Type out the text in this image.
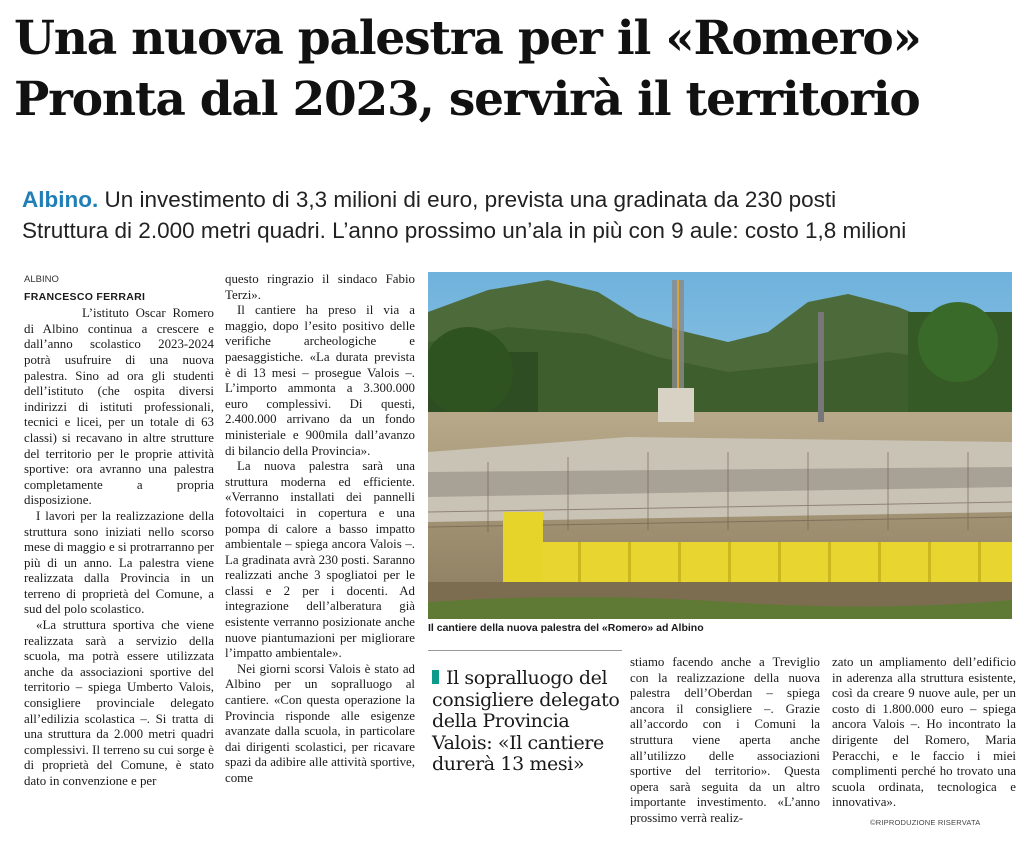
Una nuova palestra per il «Romero»
Pronta dal 2023, servirà il territorio
Albino. Un investimento di 3,3 milioni di euro, prevista una gradinata da 230 posti
Struttura di 2.000 metri quadri. L’anno prossimo un’ala in più con 9 aule: costo 1,8 milioni
ALBINO
FRANCESCO FERRARI

L’istituto Oscar Romero di Albino continua a crescere e dall’anno scolastico 2023-2024 potrà usufruire di una nuova palestra. Sino ad ora gli studenti dell’istituto (che ospita diversi indirizzi di istituti professionali, tecnici e licei, per un totale di 63 classi) si recavano in altre strutture del territorio per le proprie attività sportive: ora avranno una palestra completamente a propria disposizione.

I lavori per la realizzazione della struttura sono iniziati nello scorso mese di maggio e si protrarranno per più di un anno. La palestra viene realizzata dalla Provincia in un terreno di proprietà del Comune, a sud del polo scolastico.

«La struttura sportiva che viene realizzata sarà a servizio della scuola, ma potrà essere utilizzata anche da associazioni sportive del territorio – spiega Umberto Valois, consigliere provinciale delegato all’edilizia scolastica –. Si tratta di una struttura da 2.000 metri quadri complessivi. Il terreno su cui sorge è di proprietà del Comune, è stato dato in convenzione e per

questo ringrazio il sindaco Fabio Terzi».

Il cantiere ha preso il via a maggio, dopo l’esito positivo delle verifiche archeologiche e paesaggistiche. «La durata prevista è di 13 mesi – prosegue Valois –. L’importo ammonta a 3.300.000 euro complessivi. Di questi, 2.400.000 arrivano da un fondo ministeriale e 900mila dall’avanzo di bilancio della Provincia».

La nuova palestra sarà una struttura moderna ed efficiente. «Verranno installati dei pannelli fotovoltaici in copertura e una pompa di calore a basso impatto ambientale – spiega ancora Valois –. La gradinata avrà 230 posti. Saranno realizzati anche 3 spogliatoi per le classi e 2 per i docenti. Ad integrazione dell’alberatura già esistente verranno posizionate anche nuove piantumazioni per migliorare l’impatto ambientale».

Nei giorni scorsi Valois è stato ad Albino per un sopralluogo al cantiere. «Con questa operazione la Provincia risponde alle esigenze avanzate dalla scuola, in particolare dai dirigenti scolastici, per ricavare spazi da adibire alle attività sportive, come

Il cantiere della nuova palestra del «Romero» ad Albino
Il sopralluogo del consigliere delegato della Provincia Valois: «Il cantiere durerà 13 mesi»

stiamo facendo anche a Treviglio con la realizzazione della nuova palestra dell’Oberdan – spiega ancora il consigliere –. Grazie all’accordo con i Comuni la struttura viene aperta anche all’utilizzo delle associazioni sportive del territorio». Questa opera sarà seguita da un altro importante investimento. «L’anno prossimo verrà realiz-

zato un ampliamento dell’edificio in aderenza alla struttura esistente, così da creare 9 nuove aule, per un costo di 1.800.000 euro – spiega ancora Valois –. Ho incontrato la dirigente del Romero, Maria Peracchi, e le faccio i miei complimenti perché ho trovato una scuola ordinata, tecnologica e innovativa».

©RIPRODUZIONE RISERVATA
